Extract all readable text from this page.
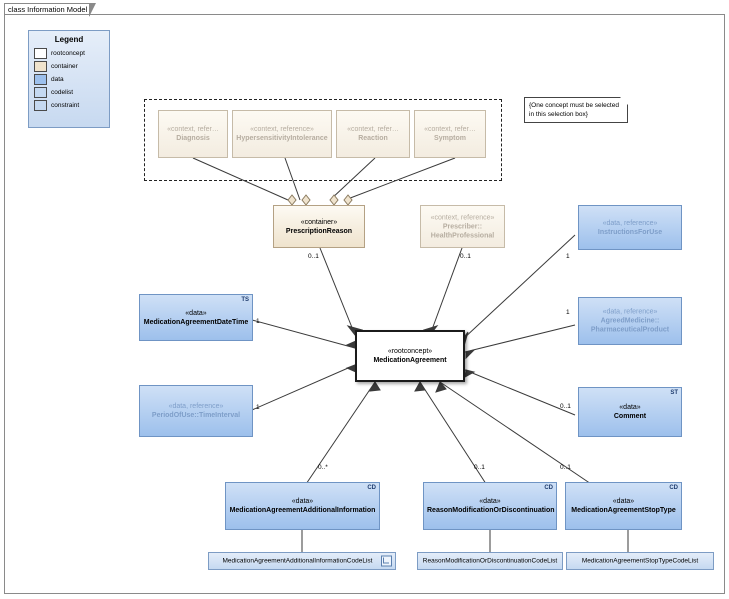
class Information Model
Legend
rootconcept
container
data
codelist
constraint	{One concept must be selected in this selection box}
«context, refer…
Diagnosis
«context, reference»
HypersensitivityIntolerance
«context, refer…
Reaction
«context, refer…
Symptom
«container»
PrescriptionReason
«context, reference»
Prescriber:: HealthProfessional
«data, reference»
InstructionsForUse
«data, reference»
AgreedMedicine:: PharmaceuticalProduct
TS
«data»
MedicationAgreementDateTime
«data, reference»
PeriodOfUse::TimeInterval
«rootconcept»
MedicationAgreement
ST
«data»
Comment
CD
«data»
MedicationAgreementAdditionalInformation
CD
«data»
ReasonModificationOrDiscontinuation
CD
«data»
MedicationAgreementStopType
MedicationAgreementAdditionalInformationCodeList	ReasonModificationOrDiscontinuationCodeList	MedicationAgreementStopTypeCodeList
0..1	0..1	1
1
1
1	0..1
0..*	0..1	0..1
